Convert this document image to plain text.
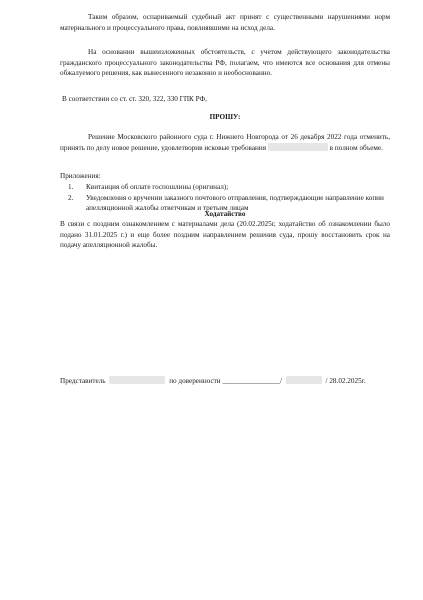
Таким образом, оспариваемый судебный акт принят с существенными нарушениями норм материального и процессуального права, повлиявшими на исход дела.

На основании вышеизложенных обстоятельств, с учетом действующего законодательства гражданского процессуального законодательства РФ, полагаем, что имеются все основания для отмены обжалуемого решения, как вынесенного незаконно и необоснованно.

В соответствии со ст. ст. 320, 322, 330 ГПК РФ,

ПРОШУ:

Решение Московского районного суда г. Нижнего Новгорода от 26 декабря 2022 года отменить, принять по делу новое решение, удовлетворив исковые требования	в полном объеме.

Приложения:

1. Квитанция об оплате госпошлины (оригинал);
2. Уведомления о вручении заказного почтового отправления, подтверждающие направление копии апелляционной жалобы ответчикам и третьим лицам

Ходатайство

В связи с поздним ознакомлением с материалами дела (20.02.2025г, ходатайство об ознакомлении было подано 31.01.2025 г.) и еще более поздним направлением решения суда, прошу восстановить срок на подачу апелляционной жалобы.

Представитель	по доверенности ________________/	/ 28.02.2025г.
